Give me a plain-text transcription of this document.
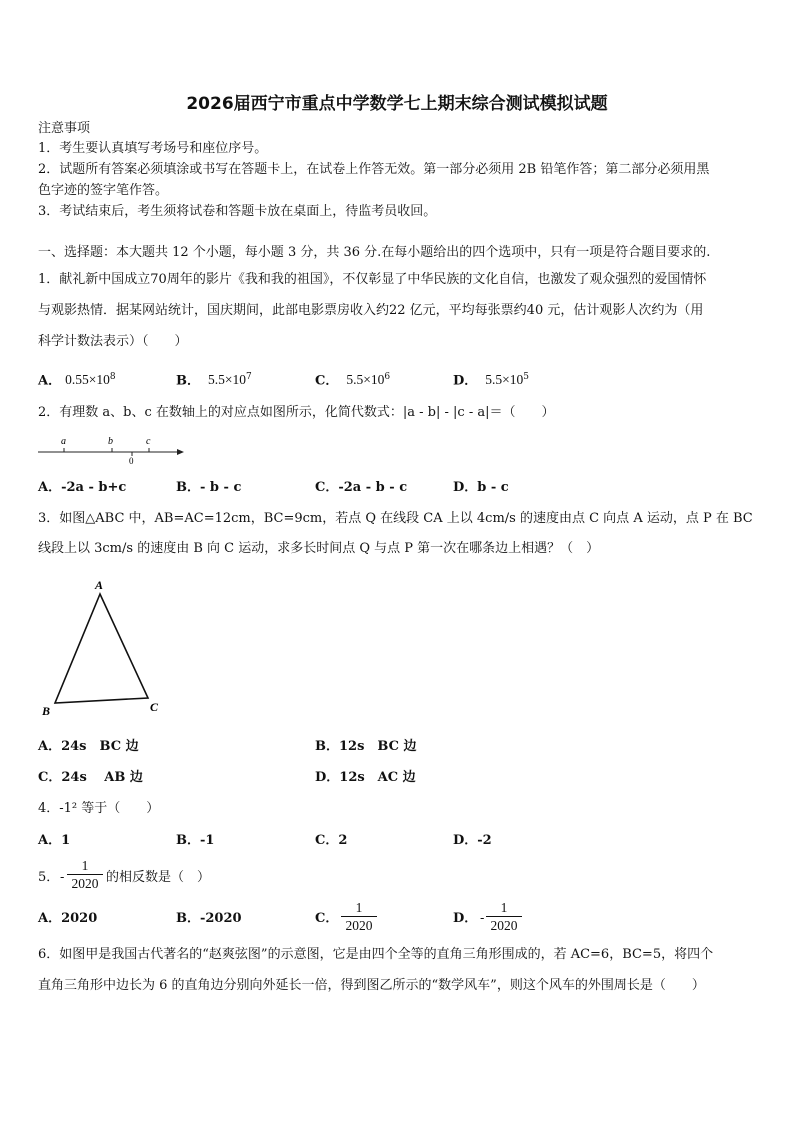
2026届西宁市重点中学数学七上期末综合测试模拟试题
注意事项
1．考生要认真填写考场号和座位序号。
2．试题所有答案必须填涂或书写在答题卡上，在试卷上作答无效。第一部分必须用 2B 铅笔作答；第二部分必须用黑
色字迹的签字笔作答。
3．考试结束后，考生须将试卷和答题卡放在桌面上，待监考员收回。
一、选择题：本大题共 12 个小题，每小题 3 分，共 36 分.在每小题给出的四个选项中，只有一项是符合题目要求的.
1．献礼新中国成立70周年的影片《我和我的祖国》，不仅彰显了中华民族的文化自信，也激发了观众强烈的爱国情怀
与观影热情．据某网站统计，国庆期间，此部电影票房收入约22 亿元，平均每张票约40 元，估计观影人次约为（用
科学计数法表示）（　　）
A． $0.55\times 10^8$	B． $5.5\times 10^7$	C． $5.5\times 10^6$	D． $5.5\times 10^5$
2．有理数 a、b、c 在数轴上的对应点如图所示，化简代数式：|a - b| - |c - a|＝（　　）
a	b	c
0
A．-2a - b+c	B．- b - c	C．-2a - b - c	D．b - c
3．如图△ABC 中，AB=AC=12cm，BC=9cm，若点 Q 在线段 CA 上以 4cm/s 的速度由点 C 向点 A 运动，点 P 在 BC
线段上以 3cm/s 的速度由 B 向 C 运动，求多长时间点 Q 与点 P 第一次在哪条边上相遇？（　）
A
B	C
A．24s　BC 边	B．12s　BC 边
C．24s　 AB 边	D．12s　AC 边
4．-1² 等于（　　）
A．1	B．-1	C．2	D．-2
5． -
1
2020 的相反数是（　）
A．2020	B．-2020	C．
1
2020	D． -
1
2020
6．如图甲是我国古代著名的“赵爽弦图”的示意图，它是由四个全等的直角三角形围成的，若 AC=6，BC=5，将四个
直角三角形中边长为 6 的直角边分别向外延长一倍，得到图乙所示的“数学风车”，则这个风车的外围周长是（　　）
